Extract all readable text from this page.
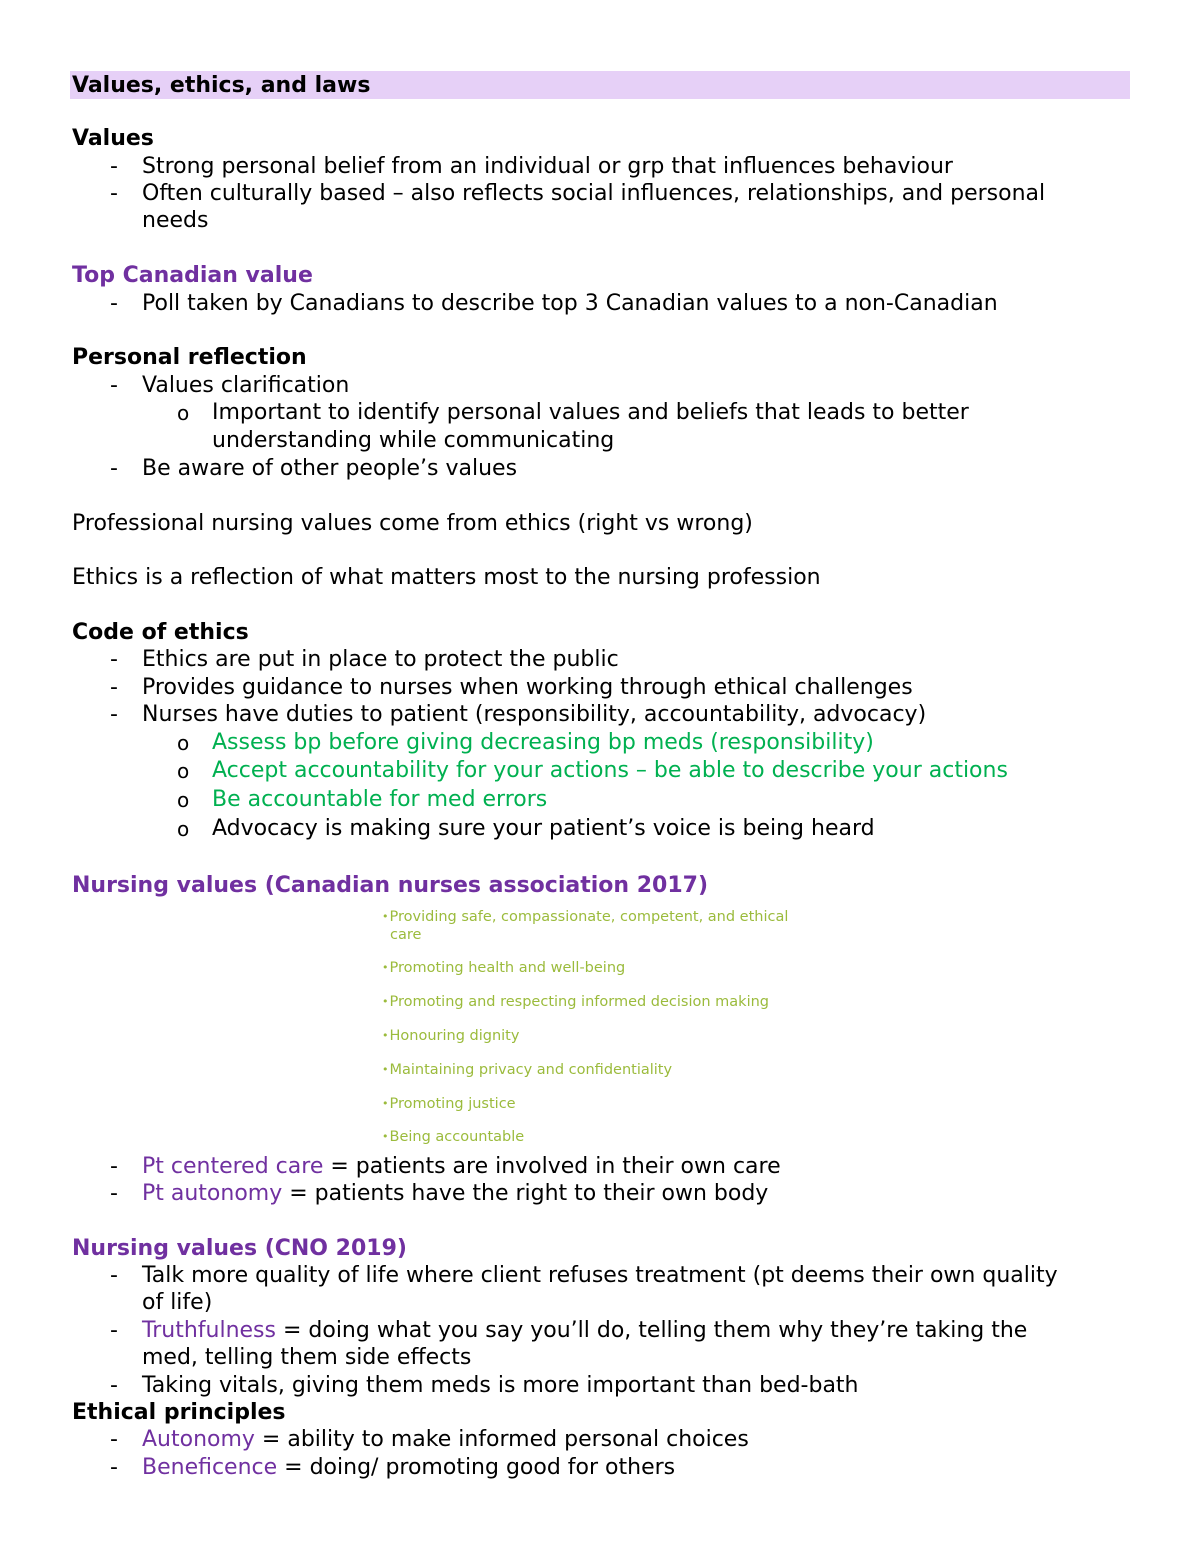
Values, ethics, and laws
Values
- Strong personal belief from an individual or grp that influences behaviour
- Often culturally based – also reflects social influences, relationships, and personal
needs
Top Canadian value
- Poll taken by Canadians to describe top 3 Canadian values to a non-Canadian
Personal reflection
- Values clarification
o Important to identify personal values and beliefs that leads to better
understanding while communicating
- Be aware of other people’s values
Professional nursing values come from ethics (right vs wrong)
Ethics is a reflection of what matters most to the nursing profession
Code of ethics
- Ethics are put in place to protect the public
- Provides guidance to nurses when working through ethical challenges
- Nurses have duties to patient (responsibility, accountability, advocacy)
o Assess bp before giving decreasing bp meds (responsibility)
o Accept accountability for your actions – be able to describe your actions
o Be accountable for med errors
o Advocacy is making sure your patient’s voice is being heard
Nursing values (Canadian nurses association 2017)
•Providing safe, compassionate, competent, and ethical
care
•Promoting health and well-being
•Promoting and respecting informed decision making
•Honouring dignity
•Maintaining privacy and confidentiality
•Promoting justice
•Being accountable
- Pt centered care = patients are involved in their own care
- Pt autonomy = patients have the right to their own body
Nursing values (CNO 2019)
- Talk more quality of life where client refuses treatment (pt deems their own quality
of life)
- Truthfulness = doing what you say you’ll do, telling them why they’re taking the
med, telling them side effects
- Taking vitals, giving them meds is more important than bed-bath
Ethical principles
- Autonomy = ability to make informed personal choices
- Beneficence = doing/ promoting good for others
